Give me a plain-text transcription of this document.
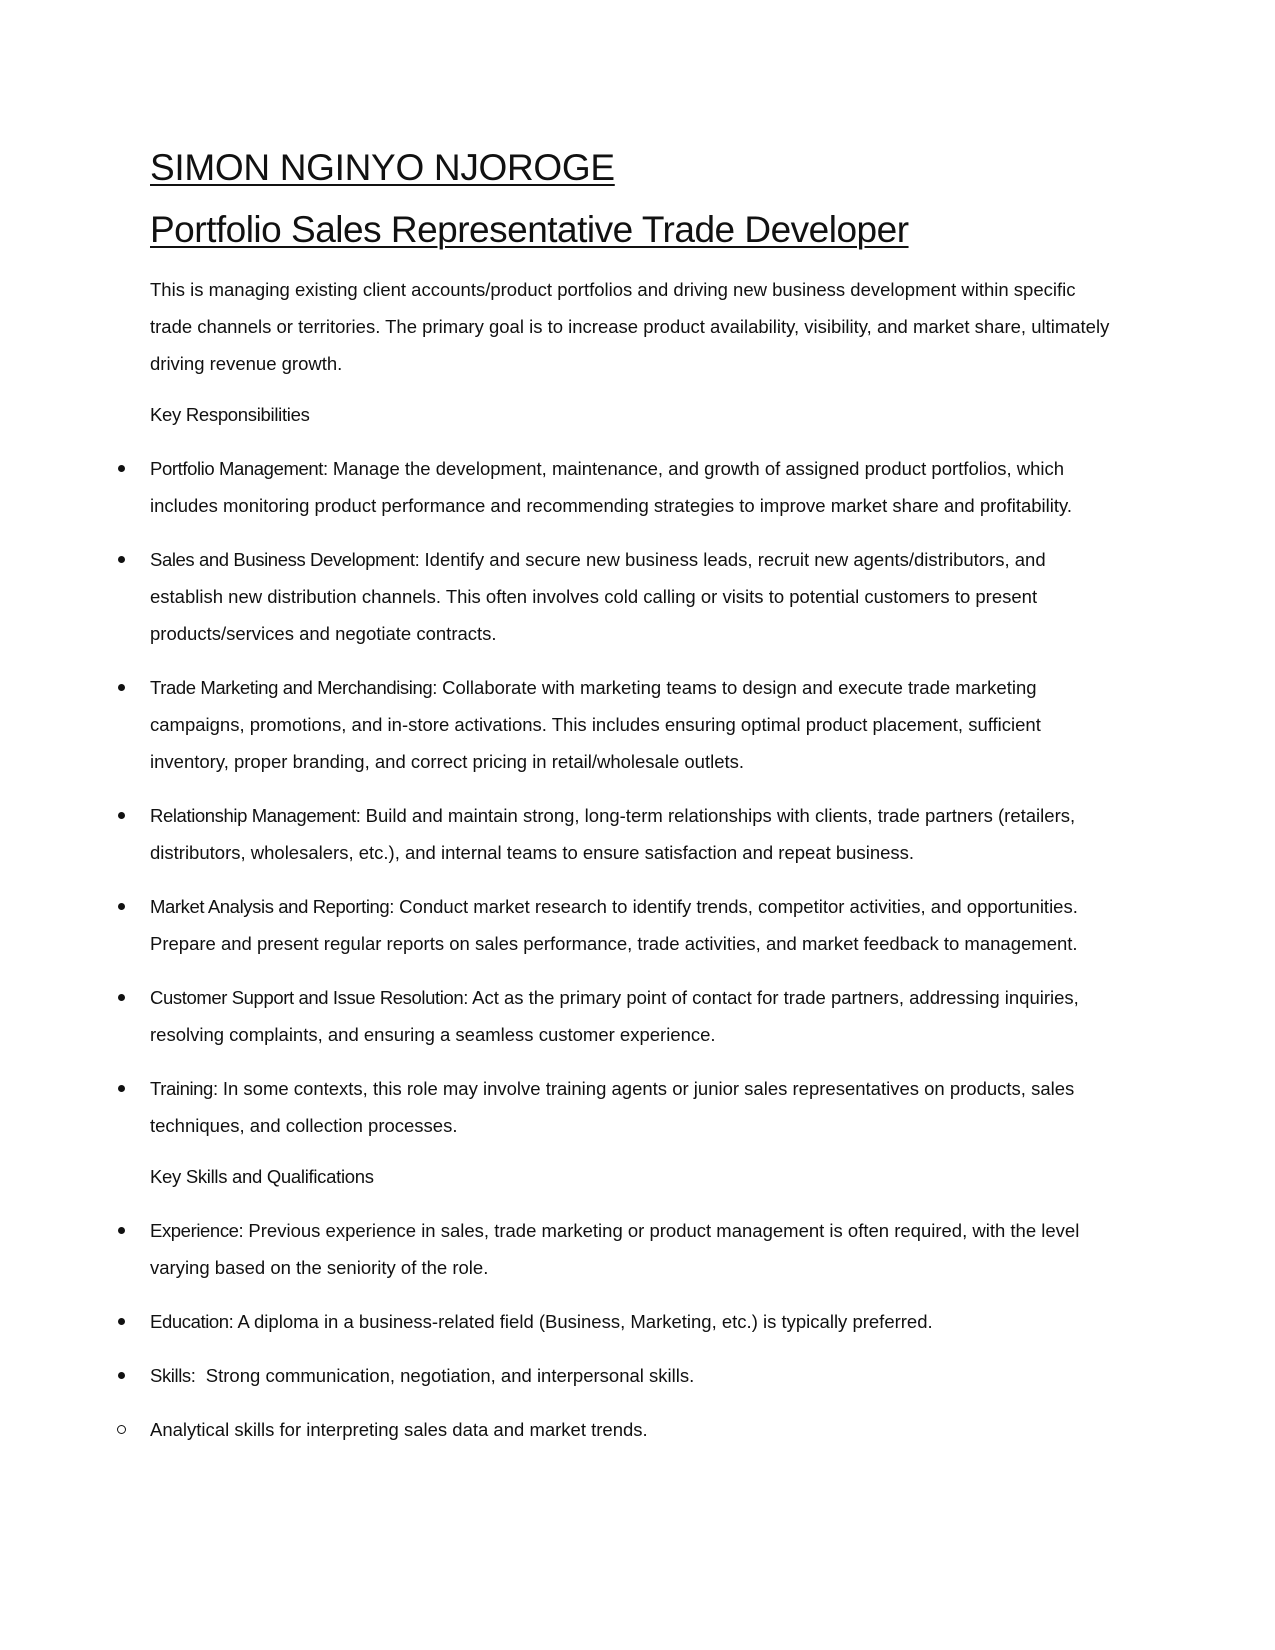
SIMON NGINYO NJOROGE
Portfolio Sales Representative Trade Developer

This is managing existing client accounts/product portfolios and driving new business development within specific trade channels or territories. The primary goal is to increase product availability, visibility, and market share, ultimately driving revenue growth.

Key Responsibilities
Portfolio Management: Manage the development, maintenance, and growth of assigned product portfolios, which includes monitoring product performance and recommending strategies to improve market share and profitability.
Sales and Business Development: Identify and secure new business leads, recruit new agents/distributors, and establish new distribution channels. This often involves cold calling or visits to potential customers to present products/services and negotiate contracts.
Trade Marketing and Merchandising: Collaborate with marketing teams to design and execute trade marketing campaigns, promotions, and in-store activations. This includes ensuring optimal product placement, sufficient inventory, proper branding, and correct pricing in retail/wholesale outlets.
Relationship Management: Build and maintain strong, long-term relationships with clients, trade partners (retailers, distributors, wholesalers, etc.), and internal teams to ensure satisfaction and repeat business.
Market Analysis and Reporting: Conduct market research to identify trends, competitor activities, and opportunities. Prepare and present regular reports on sales performance, trade activities, and market feedback to management.
Customer Support and Issue Resolution: Act as the primary point of contact for trade partners, addressing inquiries, resolving complaints, and ensuring a seamless customer experience.
Training: In some contexts, this role may involve training agents or junior sales representatives on products, sales techniques, and collection processes.
Key Skills and Qualifications
Experience: Previous experience in sales, trade marketing or product management is often required, with the level varying based on the seniority of the role.
Education: A diploma in a business-related field (Business, Marketing, etc.) is typically preferred.
Skills:  Strong communication, negotiation, and interpersonal skills.
Analytical skills for interpreting sales data and market trends.
